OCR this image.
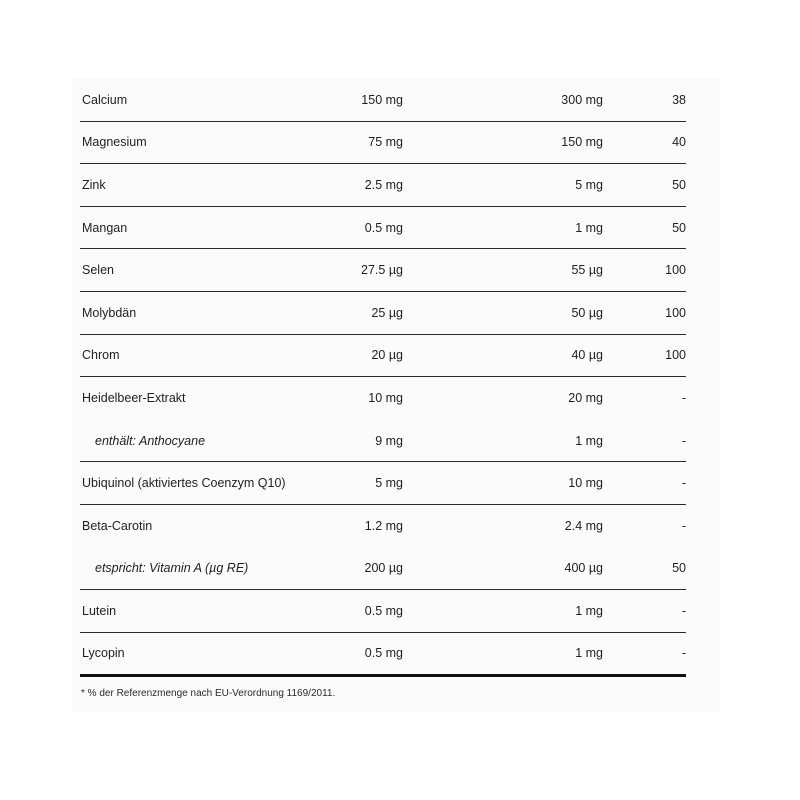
Calcium	150 mg	300 mg	38
Magnesium	75 mg	150 mg	40
Zink	2.5 mg	5 mg	50
Mangan	0.5 mg	1 mg	50
Selen	27.5 µg	55 µg	100
Molybdän	25 µg	50 µg	100
Chrom	20 µg	40 µg	100
Heidelbeer-Extrakt	10 mg	20 mg	-
enthält: Anthocyane	9 mg	1 mg	-
Ubiquinol (aktiviertes Coenzym Q10)	5 mg	10 mg	-
Beta-Carotin	1.2 mg	2.4 mg	-
etspricht: Vitamin A (µg RE)	200 µg	400 µg	50
Lutein	0.5 mg	1 mg	-
Lycopin	0.5 mg	1 mg	-
* % der Referenzmenge nach EU-Verordnung 1169/2011.
